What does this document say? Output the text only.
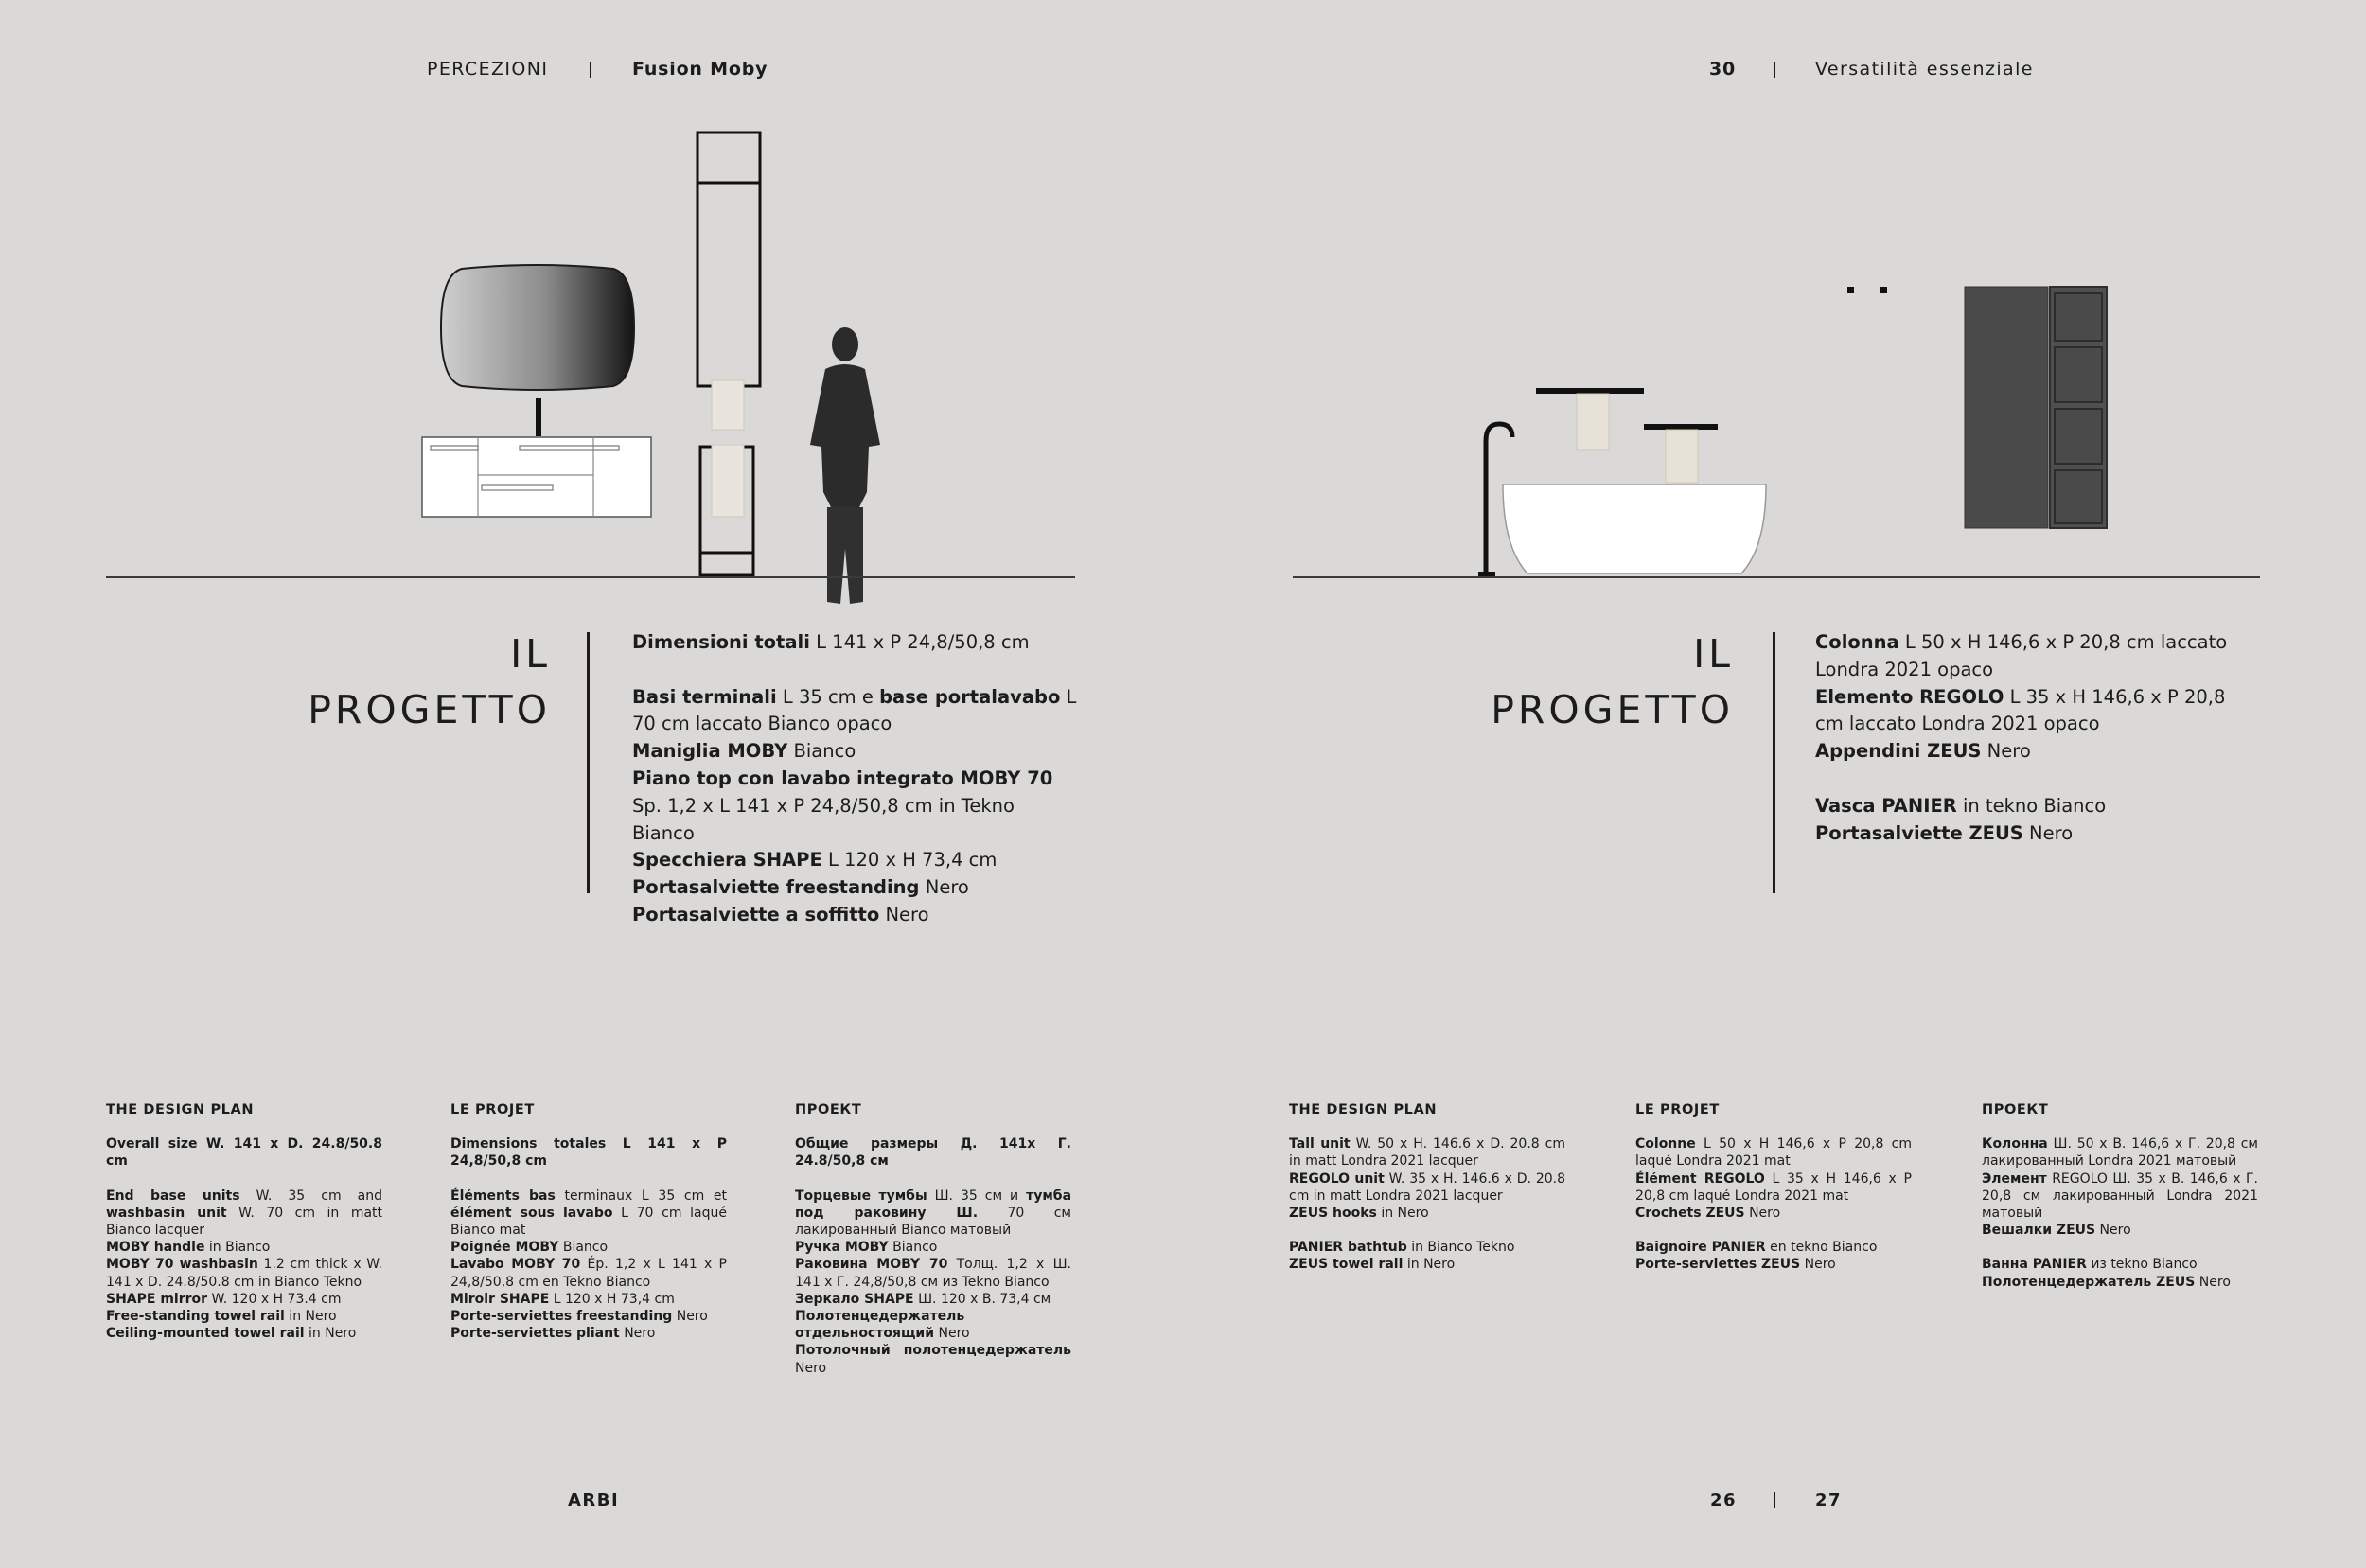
PERCEZIONI	Fusion Moby	30	Versatilità essenziale
IL
PROGETTO

Dimensioni totali L 141 x P 24,8/50,8 cm

Basi terminali L 35 cm e base portalavabo L 70 cm laccato Bianco opaco

Maniglia MOBY Bianco

Piano top con lavabo integrato MOBY 70 Sp. 1,2 x L 141 x P 24,8/50,8 cm in Tekno Bianco

Specchiera SHAPE L 120 x H 73,4 cm

Portasalviette freestanding Nero

Portasalviette a soffitto Nero

IL
PROGETTO

Colonna L 50 x H 146,6 x P 20,8 cm laccato Londra 2021 opaco

Elemento REGOLO L 35 x H 146,6 x P 20,8 cm laccato Londra 2021 opaco

Appendini ZEUS Nero

Vasca PANIER in tekno Bianco

Portasalviette ZEUS Nero

THE DESIGN PLAN

Overall size W. 141 x D. 24.8/50.8 cm

End base units W. 35 cm and washbasin unit W. 70 cm in matt Bianco lacquer

MOBY handle in Bianco

MOBY 70 washbasin 1.2 cm thick x W. 141 x D. 24.8/50.8 cm in Bianco Tekno

SHAPE mirror W. 120 x H 73.4 cm

Free-standing towel rail in Nero

Ceiling-mounted towel rail in Nero

LE PROJET

Dimensions totales L 141 x P 24,8/50,8 cm

Éléments bas terminaux L 35 cm et élément sous lavabo L 70 cm laqué Bianco mat

Poignée MOBY Bianco

Lavabo MOBY 70 Ép. 1,2 x L 141 x P 24,8/50,8 cm en Tekno Bianco

Miroir SHAPE L 120 x H 73,4 cm

Porte-serviettes freestanding Nero

Porte-serviettes pliant Nero

ПРОЕКТ

Общие размеры Д. 141х Г. 24.8/50,8 см

Торцевые тумбы Ш. 35 см и тумба под раковину Ш. 70 см лакированный Bianco матовый

Ручка MOBY Bianco

Раковина MOBY 70 Толщ. 1,2 х Ш. 141 х Г. 24,8/50,8 см из Tekno Bianco

Зеркало SHAPE Ш. 120 х В. 73,4 см

Полотенцедержатель отдельностоящий Nero

Потолочный полотенцедержатель Nero

THE DESIGN PLAN

Tall unit W. 50 x H. 146.6 x D. 20.8 cm in matt Londra 2021 lacquer

REGOLO unit W. 35 x H. 146.6 x D. 20.8 cm in matt Londra 2021 lacquer

ZEUS hooks in Nero

PANIER bathtub in Bianco Tekno

ZEUS towel rail in Nero

LE PROJET

Colonne L 50 x H 146,6 x P 20,8 cm laqué Londra 2021 mat

Élément REGOLO L 35 x H 146,6 x P 20,8 cm laqué Londra 2021 mat

Crochets ZEUS Nero

Baignoire PANIER en tekno Bianco

Porte-serviettes ZEUS Nero

ПРОЕКТ

Колонна Ш. 50 х В. 146,6 х Г. 20,8 см лакированный Londra 2021 матовый

Элемент REGOLO Ш. 35 х В. 146,6 х Г. 20,8 см лакированный Londra 2021 матовый

Вешалки ZEUS Nero

Ванна PANIER из tekno Bianco

Полотенцедержатель ZEUS Nero

ARBI	26	27
